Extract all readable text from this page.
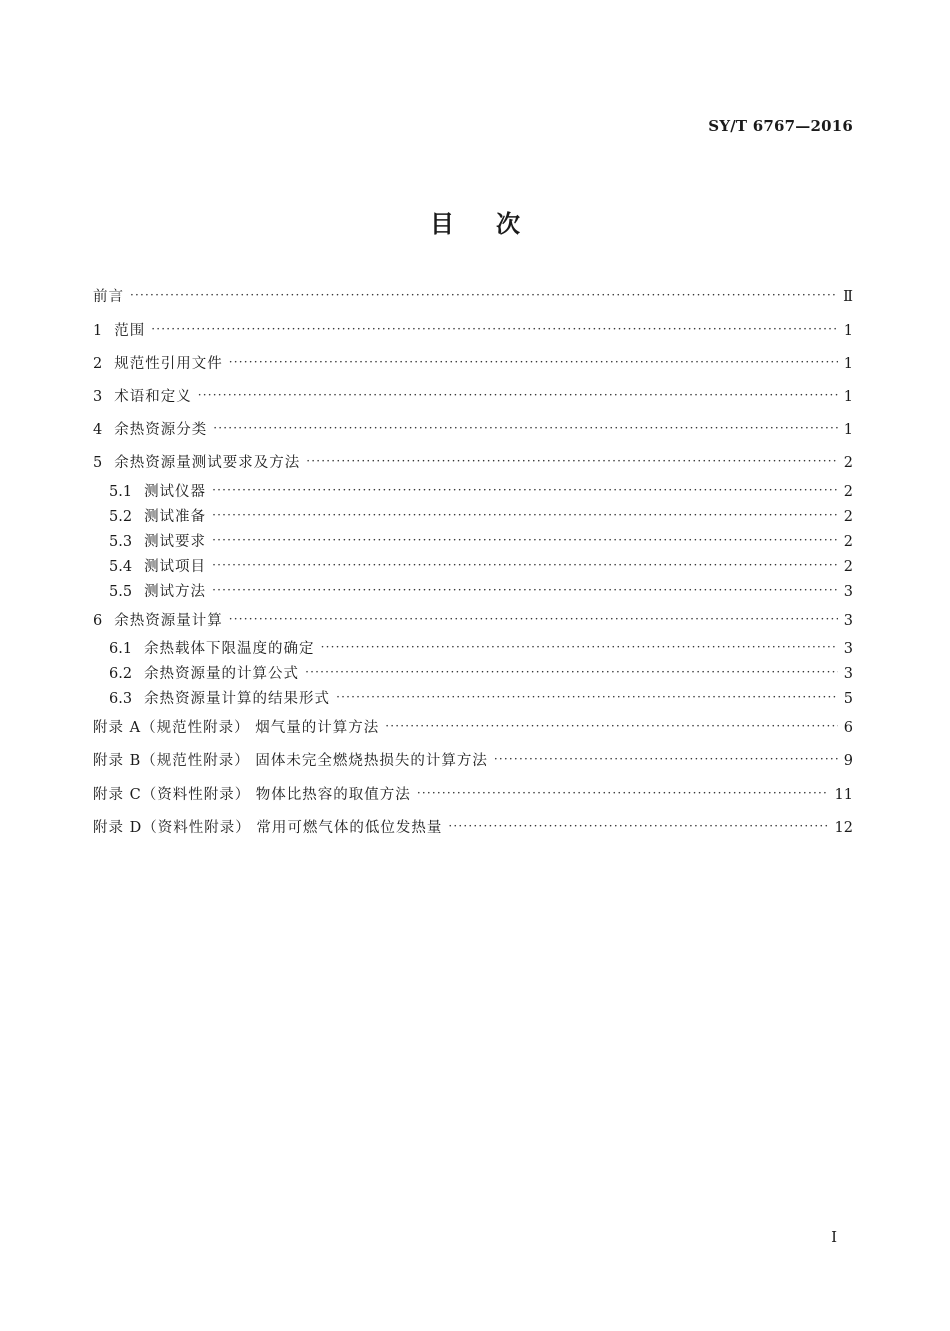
SY/T 6767—2016
目 次
前言 ·····	Ⅱ
1 范围 ·····	1
2 规范性引用文件 ·····	1
3 术语和定义 ·····	1
4 余热资源分类 ·····	1
5 余热资源量测试要求及方法 ·····	2
5.1 测试仪器 ·····	2
5.2 测试准备 ·····	2
5.3 测试要求 ·····	2
5.4 测试项目 ·····	2
5.5 测试方法 ·····	3
6 余热资源量计算 ·····	3
6.1 余热载体下限温度的确定 ·····	3
6.2 余热资源量的计算公式 ·····	3
6.3 余热资源量计算的结果形式 ·····	5
附录 A（规范性附录） 烟气量的计算方法 ·····	6
附录 B（规范性附录） 固体未完全燃烧热损失的计算方法 ·····	9
附录 C（资料性附录） 物体比热容的取值方法 ·····	11
附录 D（资料性附录） 常用可燃气体的低位发热量 ·····	12
I
